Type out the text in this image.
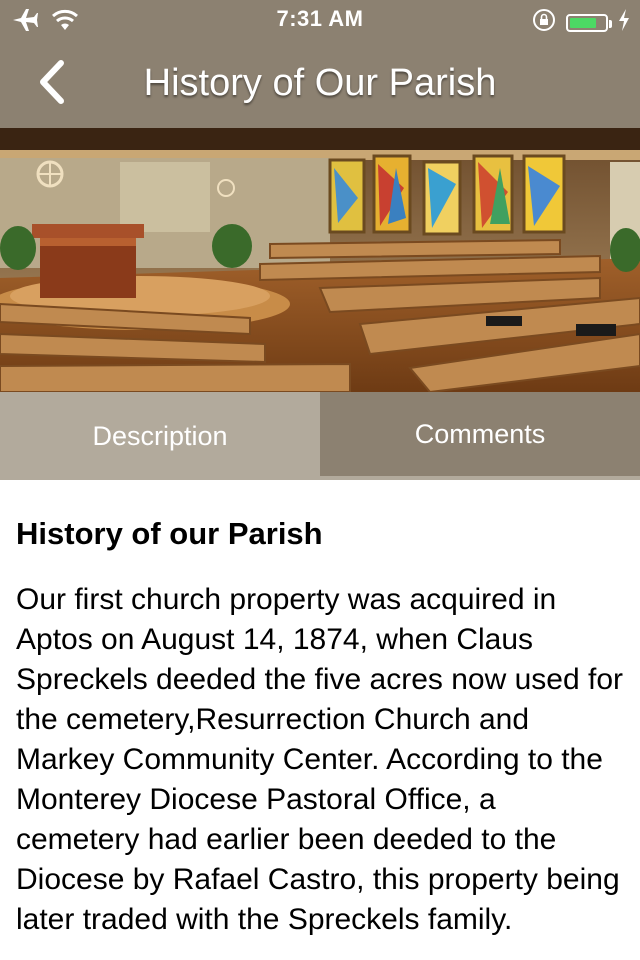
7:31 AM
History of Our Parish
Description	Comments
History of our Parish

Our first church property was acquired in Aptos on August 14, 1874, when Claus Spreckels deeded the five acres now used for the cemetery,Resurrection Church and Markey Community Center. According to the Monterey Diocese Pastoral Office, a cemetery had earlier been deeded to the Diocese by Rafael Castro, this property being later traded with the Spreckels family.
